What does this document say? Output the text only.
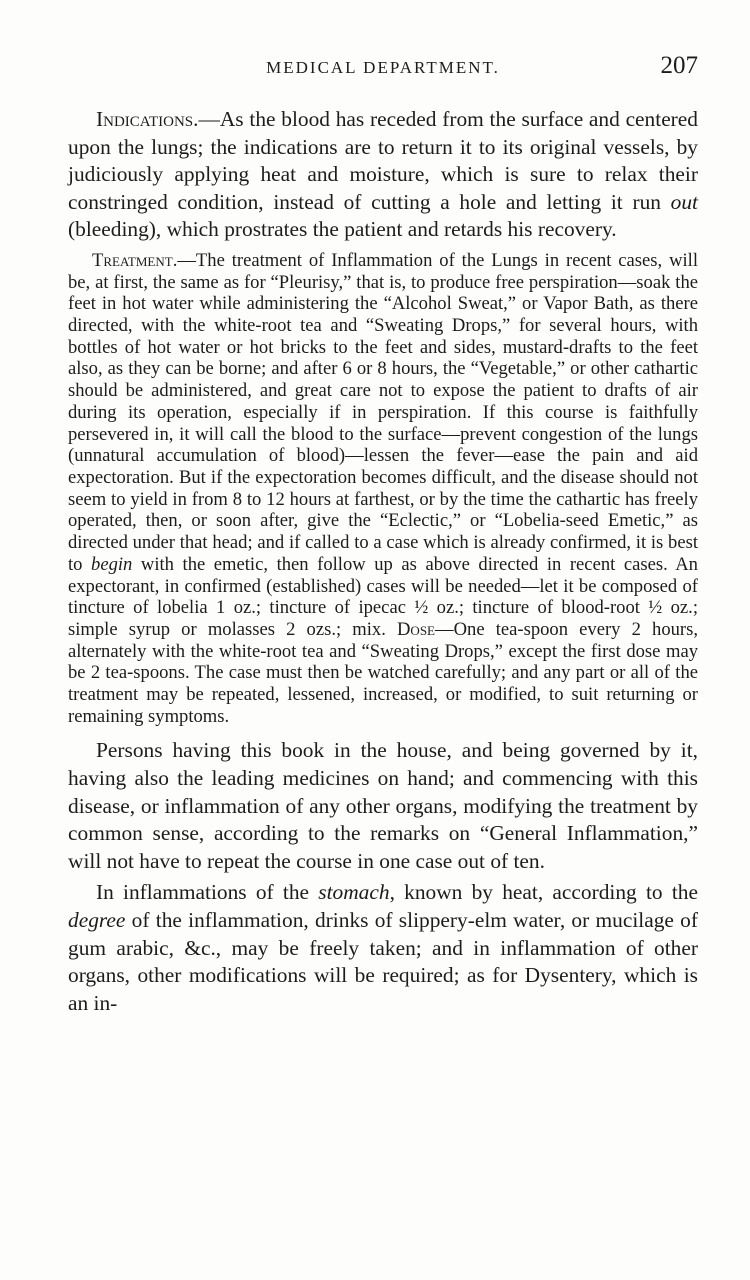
MEDICAL DEPARTMENT.	207

Indications.—As the blood has receded from the surface and centered upon the lungs; the indications are to return it to its original vessels, by judiciously applying heat and moisture, which is sure to relax their constringed condition, instead of cutting a hole and letting it run out (bleeding), which prostrates the patient and retards his recovery.

Treatment.—The treatment of Inflammation of the Lungs in recent cases, will be, at first, the same as for “Pleurisy,” that is, to produce free perspiration—soak the feet in hot water while administering the “Alcohol Sweat,” or Vapor Bath, as there directed, with the white-root tea and “Sweating Drops,” for several hours, with bottles of hot water or hot bricks to the feet and sides, mustard-drafts to the feet also, as they can be borne; and after 6 or 8 hours, the “Vegetable,” or other cathartic should be administered, and great care not to expose the patient to drafts of air during its operation, especially if in perspiration. If this course is faithfully persevered in, it will call the blood to the surface—prevent congestion of the lungs (unnatural accumulation of blood)—lessen the fever—ease the pain and aid expectoration. But if the expectoration becomes difficult, and the disease should not seem to yield in from 8 to 12 hours at farthest, or by the time the cathartic has freely operated, then, or soon after, give the “Eclectic,” or “Lobelia-seed Emetic,” as directed under that head; and if called to a case which is already confirmed, it is best to begin with the emetic, then follow up as above directed in recent cases. An expectorant, in confirmed (established) cases will be needed—let it be composed of tincture of lobelia 1 oz.; tincture of ipecac ½ oz.; tincture of blood-root ½ oz.; simple syrup or molasses 2 ozs.; mix. Dose—One tea-spoon every 2 hours, alternately with the white-root tea and “Sweating Drops,” except the first dose may be 2 tea-spoons. The case must then be watched carefully; and any part or all of the treatment may be repeated, lessened, increased, or modified, to suit returning or remaining symptoms.

Persons having this book in the house, and being governed by it, having also the leading medicines on hand; and commencing with this disease, or inflammation of any other organs, modifying the treatment by common sense, according to the remarks on “General Inflammation,” will not have to repeat the course in one case out of ten.

In inflammations of the stomach, known by heat, according to the degree of the inflammation, drinks of slippery-elm water, or mucilage of gum arabic, &c., may be freely taken; and in inflammation of other organs, other modifications will be required; as for Dysentery, which is an in-
